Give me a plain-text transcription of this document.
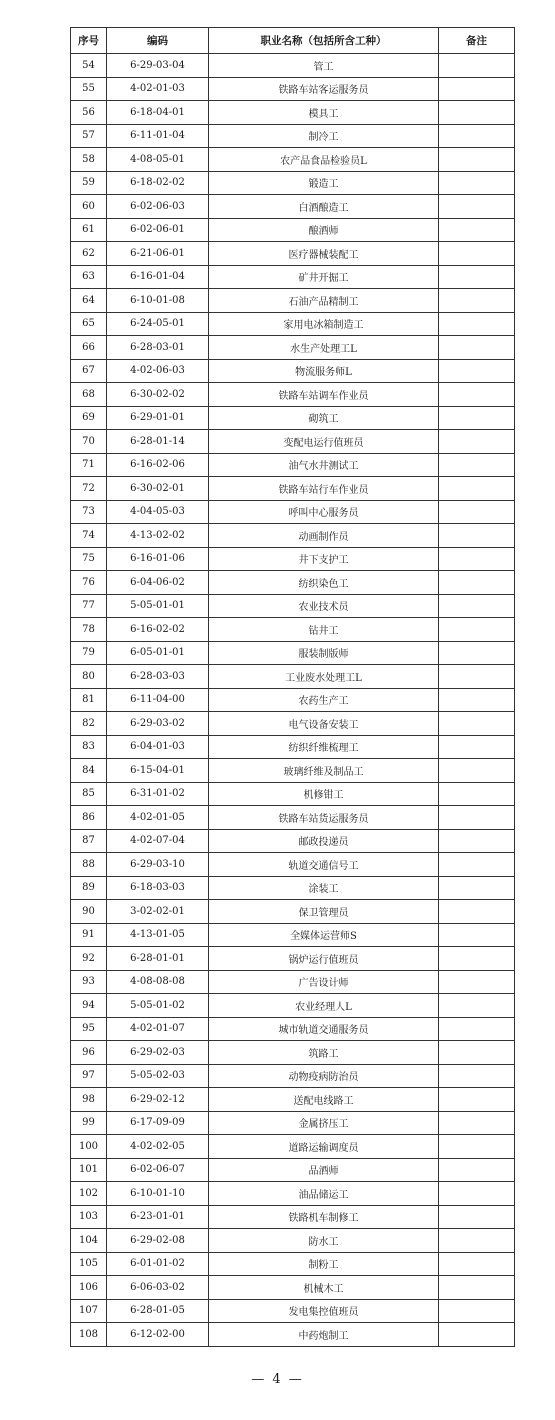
序号	编码	职业名称（包括所含工种）	备注
54	6-29-03-04	管工	
55	4-02-01-03	铁路车站客运服务员	
56	6-18-04-01	模具工	
57	6-11-01-04	制冷工	
58	4-08-05-01	农产品食品检验员L	
59	6-18-02-02	锻造工	
60	6-02-06-03	白酒酿造工	
61	6-02-06-01	酿酒师	
62	6-21-06-01	医疗器械装配工	
63	6-16-01-04	矿井开掘工	
64	6-10-01-08	石油产品精制工	
65	6-24-05-01	家用电冰箱制造工	
66	6-28-03-01	水生产处理工L	
67	4-02-06-03	物流服务师L	
68	6-30-02-02	铁路车站调车作业员	
69	6-29-01-01	砌筑工	
70	6-28-01-14	变配电运行值班员	
71	6-16-02-06	油气水井测试工	
72	6-30-02-01	铁路车站行车作业员	
73	4-04-05-03	呼叫中心服务员	
74	4-13-02-02	动画制作员	
75	6-16-01-06	井下支护工	
76	6-04-06-02	纺织染色工	
77	5-05-01-01	农业技术员	
78	6-16-02-02	钻井工	
79	6-05-01-01	服装制版师	
80	6-28-03-03	工业废水处理工L	
81	6-11-04-00	农药生产工	
82	6-29-03-02	电气设备安装工	
83	6-04-01-03	纺织纤维梳理工	
84	6-15-04-01	玻璃纤维及制品工	
85	6-31-01-02	机修钳工	
86	4-02-01-05	铁路车站货运服务员	
87	4-02-07-04	邮政投递员	
88	6-29-03-10	轨道交通信号工	
89	6-18-03-03	涂装工	
90	3-02-02-01	保卫管理员	
91	4-13-01-05	全媒体运营师S	
92	6-28-01-01	锅炉运行值班员	
93	4-08-08-08	广告设计师	
94	5-05-01-02	农业经理人L	
95	4-02-01-07	城市轨道交通服务员	
96	6-29-02-03	筑路工	
97	5-05-02-03	动物疫病防治员	
98	6-29-02-12	送配电线路工	
99	6-17-09-09	金属挤压工	
100	4-02-02-05	道路运输调度员	
101	6-02-06-07	品酒师	
102	6-10-01-10	油品储运工	
103	6-23-01-01	铁路机车制修工	
104	6-29-02-08	防水工	
105	6-01-01-02	制粉工	
106	6-06-03-02	机械木工	
107	6-28-01-05	发电集控值班员	
108	6-12-02-00	中药炮制工	
— 4 —
